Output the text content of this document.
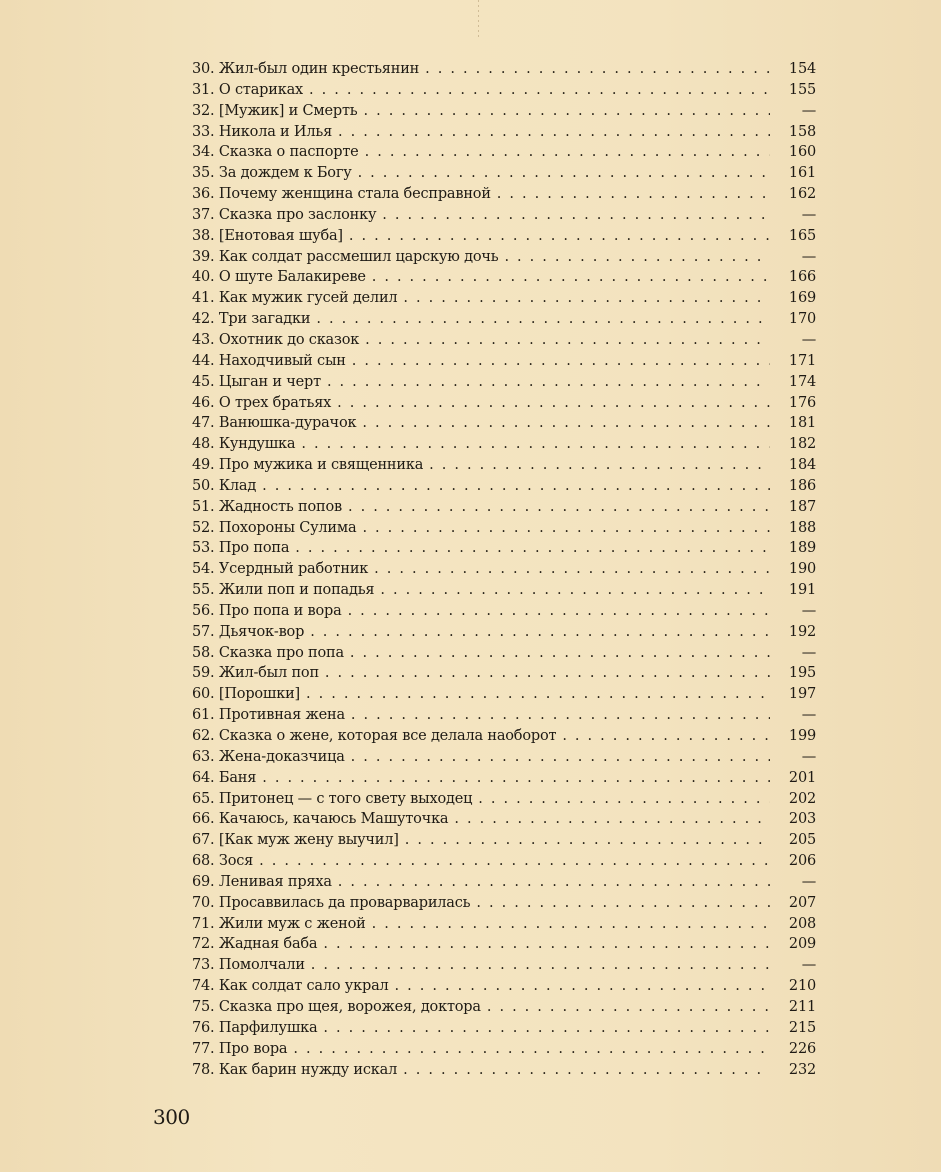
30. Жил-был один крестьянин . . .	154
31. О стариках . . .	155
32. [Мужик] и Смерть . . .	—
33. Никола и Илья . . .	158
34. Сказка о паспорте . . .	160
35. За дождем к Богу . . .	161
36. Почему женщина стала бесправной . . .	162
37. Сказка про заслонку . . .	—
38. [Енотовая шуба] . . .	165
39. Как солдат рассмешил царскую дочь . . .	—
40. О шуте Балакиреве . . .	166
41. Как мужик гусей делил . . .	169
42. Три загадки . . .	170
43. Охотник до сказок . . .	—
44. Находчивый сын . . .	171
45. Цыган и черт . . .	174
46. О трех братьях . . .	176
47. Ванюшка-дурачок . . .	181
48. Кундушка . . .	182
49. Про мужика и священника . . .	184
50. Клад . . .	186
51. Жадность попов . . .	187
52. Похороны Сулима . . .	188
53. Про попа . . .	189
54. Усердный работник . . .	190
55. Жили поп и попадья . . .	191
56. Про попа и вора . . .	—
57. Дьячок-вор . . .	192
58. Сказка про попа . . .	—
59. Жил-был поп . . .	195
60. [Порошки] . . .	197
61. Противная жена . . .	—
62. Сказка о жене, которая все делала наоборот . . .	199
63. Жена-доказчица . . .	—
64. Баня . . .	201
65. Притонец — с того свету выходец . . .	202
66. Качаюсь, качаюсь Машуточка . . .	203
67. [Как муж жену выучил] . . .	205
68. Зося . . .	206
69. Ленивая пряха . . .	—
70. Просаввилась да проварварилась . . .	207
71. Жили муж с женой . . .	208
72. Жадная баба . . .	209
73. Помолчали . . .	—
74. Как солдат сало украл . . .	210
75. Сказка про щея, ворожея, доктора . . .	211
76. Парфилушка . . .	215
77. Про вора . . .	226
78. Как барин нужду искал . . .	232
300
